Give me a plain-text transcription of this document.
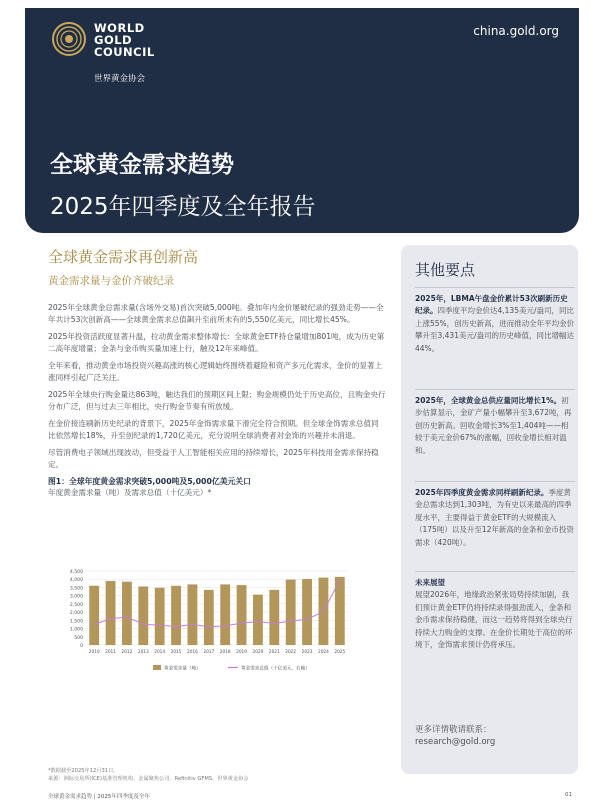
WORLD
GOLD
COUNCIL
世界黄金协会
china.gold.org
全球黄金需求趋势
2025年四季度及全年报告
全球黄金需求再创新高
黄金需求量与金价齐破纪录

2025年全球黄金总需求量(含场外交易)首次突破5,000吨。叠加年内金价屡破纪录的强劲走势——全年共计53次创新高——全球黄金需求总值飙升至前所未有的5,550亿美元，同比增长45%。

2025年投资活跃度显著升温，拉动黄金需求整体增长：全球黄金ETF持仓量增加801吨，成为历史第二高年度增量；金条与金币购买量加速上行，触及12年来峰值。

全年来看，推动黄金市场投资兴趣高涨的核心逻辑始终围绕着避险和资产多元化需求，金价的显著上涨同样引起广泛关注。

2025年全球央行购金量达863吨，触达我们的预期区间上限；购金规模仍处于历史高位，且购金央行分布广泛，但与过去三年相比，央行购金节奏有所放缓。

在金价接连刷新历史纪录的背景下，2025年金饰需求量下滑完全符合预期。但全球金饰需求总值同比依然增长18%，升至创纪录的1,720亿美元，充分说明全球消费者对金饰的兴趣并未消退。

尽管消费电子领域出现波动，但受益于人工智能相关应用的持续增长，2025年科技用金需求保持稳定。

图1：全球年度黄金需求突破5,000吨及5,000亿美元关口
年度黄金需求量（吨）及需求总值（十亿美元）*
4,500
4,000
3,500
3,000
2,500
2,000
1,500
1,000
500
0
2010 2011 2012 2013 2014 2015 2016 2017 2018 2019 2020 2021 2022 2023 2024 2025
黄金需求量（吨）	黄金需求总值（十亿美元，右轴）
*数据截至2025年12月31日。
来源：洲际交易所(ICE)基准管理机构、金属聚焦公司、Refinitiv GFMS、世界黄金协会
全球黄金需求趋势 | 2025年四季度及全年	01
其他要点
2025年，LBMA午盘金价累计53次刷新历史纪录。四季度平均金价达4,135美元/盎司，同比上涨55%，创历史新高，进而推动全年平均金价攀升至3,431美元/盎司的历史峰值，同比增幅达44%。
2025年，全球黄金总供应量同比增长1%。初步估算显示，金矿产量小幅攀升至3,672吨，再创历史新高。回收金增长3%至1,404吨——相较于美元金价67%的涨幅，回收金增长相对温和。
2025年四季度黄金需求同样刷新纪录。季度黄金总需求达到1,303吨，为有史以来最高的四季度水平，主要得益于黄金ETF的大规模流入（175吨）以及升至12年新高的金条和金币投资需求（420吨）。
未来展望
展望2026年，地缘政治紧张局势持续加剧，我们预计黄金ETF仍将持续录得强劲流入，金条和金币需求保持稳健，而这一趋势将得到全球央行持续大力购金的支撑。在金价长期处于高位的环境下，金饰需求预计仍将承压。
更多详情敬请联系：
research@gold.org
